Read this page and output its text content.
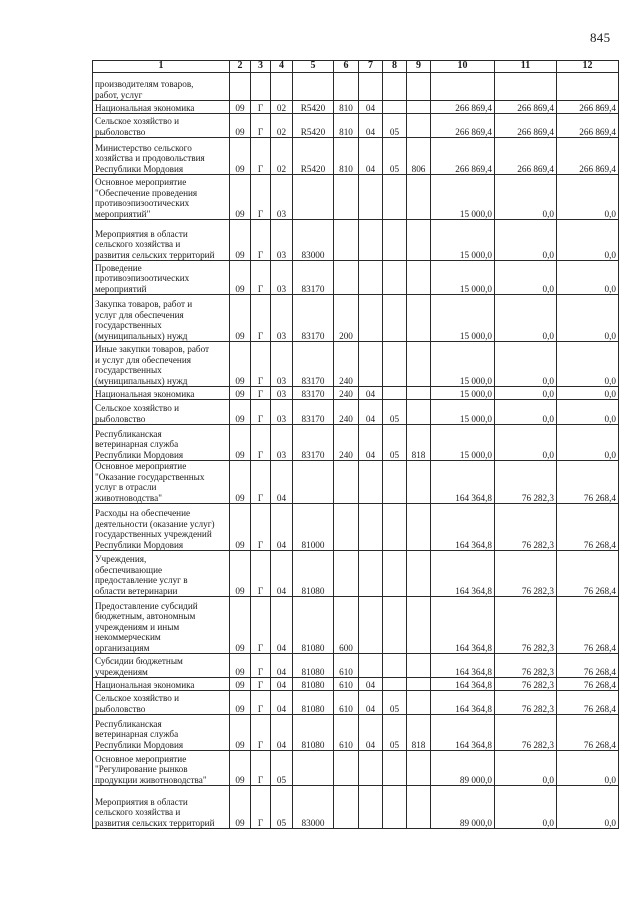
845
1	2	3	4	5	6	7	8	9	10	11	12
производителям товаров,
работ, услуг											
Национальная экономика	09	Г	02	R5420	810	04			266 869,4	266 869,4	266 869,4
Сельское хозяйство и
рыболовство	09	Г	02	R5420	810	04	05		266 869,4	266 869,4	266 869,4
Министерство сельского
хозяйства и продовольствия
Республики Мордовия	09	Г	02	R5420	810	04	05	806	266 869,4	266 869,4	266 869,4
Основное мероприятие
"Обеспечение проведения
противоэпизоотических
мероприятий"	09	Г	03						15 000,0	0,0	0,0
Мероприятия в области
сельского хозяйства и
развития сельских территорий	09	Г	03	83000					15 000,0	0,0	0,0
Проведение
противоэпизоотических
мероприятий	09	Г	03	83170					15 000,0	0,0	0,0
Закупка товаров, работ и
услуг для обеспечения
государственных
(муниципальных) нужд	09	Г	03	83170	200				15 000,0	0,0	0,0
Иные закупки товаров, работ
и услуг для обеспечения
государственных
(муниципальных) нужд	09	Г	03	83170	240				15 000,0	0,0	0,0
Национальная экономика	09	Г	03	83170	240	04			15 000,0	0,0	0,0
Сельское хозяйство и
рыболовство	09	Г	03	83170	240	04	05		15 000,0	0,0	0,0
Республиканская
ветеринарная служба
Республики Мордовия	09	Г	03	83170	240	04	05	818	15 000,0	0,0	0,0
Основное мероприятие
"Оказание государственных
услуг в отрасли
животноводства"	09	Г	04						164 364,8	76 282,3	76 268,4
Расходы на обеспечение
деятельности (оказание услуг)
государственных учреждений
Республики Мордовия	09	Г	04	81000					164 364,8	76 282,3	76 268,4
Учреждения,
обеспечивающие
предоставление услуг в
области ветеринарии	09	Г	04	81080					164 364,8	76 282,3	76 268,4
Предоставление субсидий
бюджетным, автономным
учреждениям и иным
некоммерческим
организациям	09	Г	04	81080	600				164 364,8	76 282,3	76 268,4
Субсидии бюджетным
учреждениям	09	Г	04	81080	610				164 364,8	76 282,3	76 268,4
Национальная экономика	09	Г	04	81080	610	04			164 364,8	76 282,3	76 268,4
Сельское хозяйство и
рыболовство	09	Г	04	81080	610	04	05		164 364,8	76 282,3	76 268,4
Республиканская
ветеринарная служба
Республики Мордовия	09	Г	04	81080	610	04	05	818	164 364,8	76 282,3	76 268,4
Основное мероприятие
"Регулирование рынков
продукции животноводства"	09	Г	05						89 000,0	0,0	0,0
Мероприятия в области
сельского хозяйства и
развития сельских территорий	09	Г	05	83000					89 000,0	0,0	0,0
